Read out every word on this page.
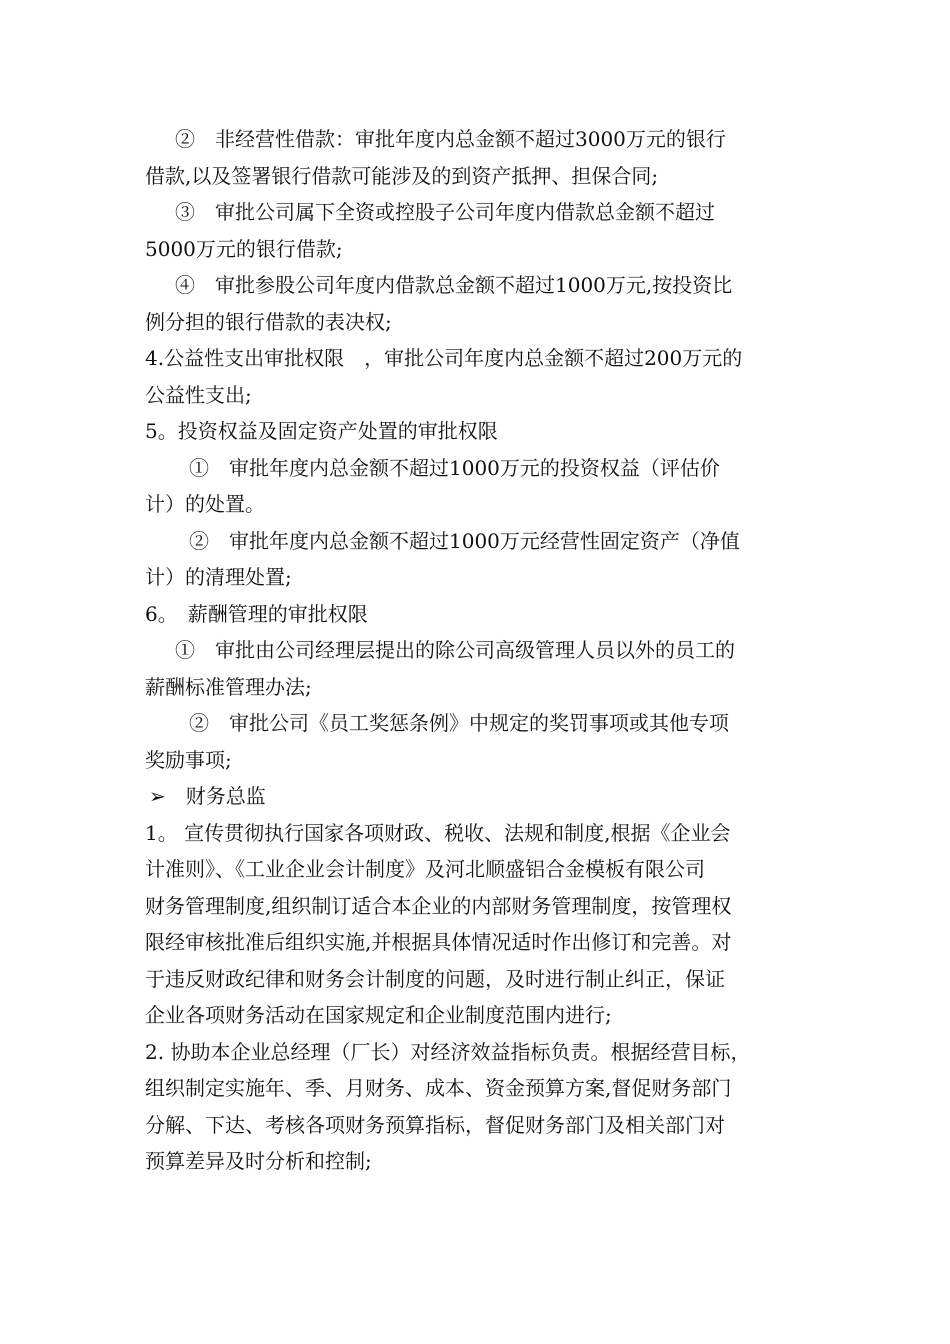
②　非经营性借款：审批年度内总金额不超过3000万元的银行
借款,以及签署银行借款可能涉及的到资产抵押、担保合同;
③　审批公司属下全资或控股子公司年度内借款总金额不超过
5000万元的银行借款;
④　审批参股公司年度内借款总金额不超过1000万元,按投资比
例分担的银行借款的表决权;
4.公益性支出审批权限　，审批公司年度内总金额不超过200万元的
公益性支出;
5。投资权益及固定资产处置的审批权限
①　审批年度内总金额不超过1000万元的投资权益（评估价
计）的处置。
②　审批年度内总金额不超过1000万元经营性固定资产（净值
计）的清理处置;
6。　薪酬管理的审批权限
①　审批由公司经理层提出的除公司高级管理人员以外的员工的
薪酬标准管理办法;
②　审批公司《员工奖惩条例》中规定的奖罚事项或其他专项
奖励事项;
➢　财务总监
1。 宣传贯彻执行国家各项财政、税收、法规和制度,根据《企业会
计准则》、《工业企业会计制度》及河北顺盛铝合金模板有限公司
财务管理制度,组织制订适合本企业的内部财务管理制度，按管理权
限经审核批准后组织实施,并根据具体情况适时作出修订和完善。对
于违反财政纪律和财务会计制度的问题，及时进行制止纠正，保证
企业各项财务活动在国家规定和企业制度范围内进行;
2. 协助本企业总经理（厂长）对经济效益指标负责。根据经营目标，
组织制定实施年、季、月财务、成本、资金预算方案,督促财务部门
分解、下达、考核各项财务预算指标，督促财务部门及相关部门对
预算差异及时分析和控制;
